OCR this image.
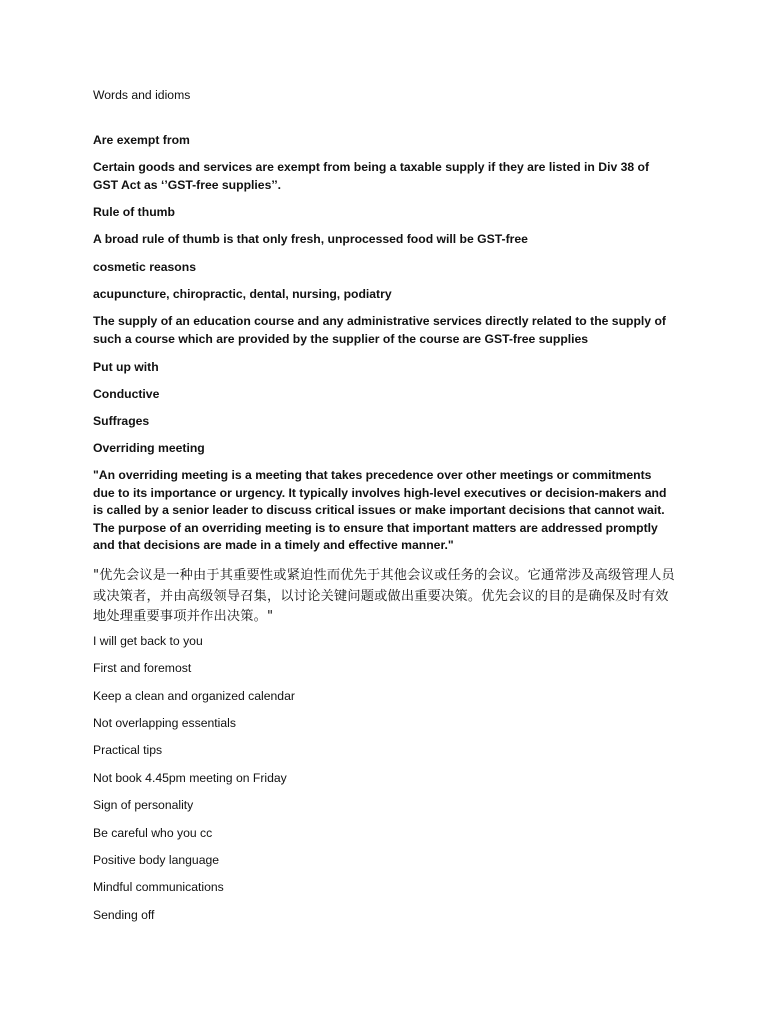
Words and idioms
Are exempt from
Certain goods and services are exempt from being a taxable supply if they are listed in Div 38 of GST Act as ‘’GST-free supplies’’.
Rule of thumb
A broad rule of thumb is that only fresh, unprocessed food will be GST-free
cosmetic reasons
acupuncture, chiropractic, dental, nursing, podiatry
The supply of an education course and any administrative services directly related to the supply of such a course which are provided by the supplier of the course are GST-free supplies
Put up with
Conductive
Suffrages
Overriding meeting
"An overriding meeting is a meeting that takes precedence over other meetings or commitments due to its importance or urgency. It typically involves high-level executives or decision-makers and is called by a senior leader to discuss critical issues or make important decisions that cannot wait. The purpose of an overriding meeting is to ensure that important matters are addressed promptly and that decisions are made in a timely and effective manner."
"优先会议是一种由于其重要性或紧迫性而优先于其他会议或任务的会议。它通常涉及高级管理人员或决策者，并由高级领导召集，以讨论关键问题或做出重要决策。优先会议的目的是确保及时有效地处理重要事项并作出决策。"
I will get back to you
First and foremost
Keep a clean and organized calendar
Not overlapping essentials
Practical tips
Not book 4.45pm meeting on Friday
Sign of personality
Be careful who you cc
Positive body language
Mindful communications
Sending off
